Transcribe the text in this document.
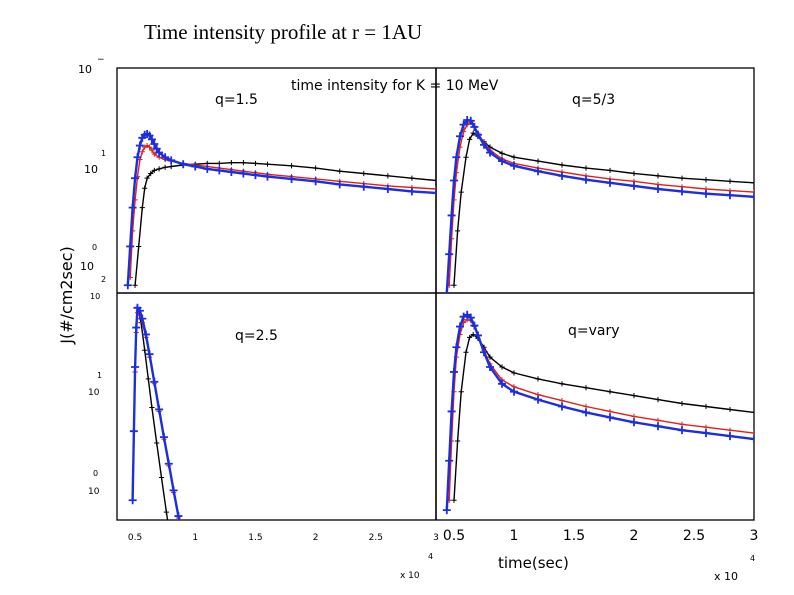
Time intensity profile at r = 1AU
q=1.5	q=5/3
q=2.5
0.5	1	1.5	2	2.5	3
q=vary
0.5	1	1.5	2	2.5	3
time intensity for K = 10 MeV
J(#/cm2sec)
time(sec)
x 10
4
x 10
4
10
−
10
1
0
10
2
10
1
10
0
10
